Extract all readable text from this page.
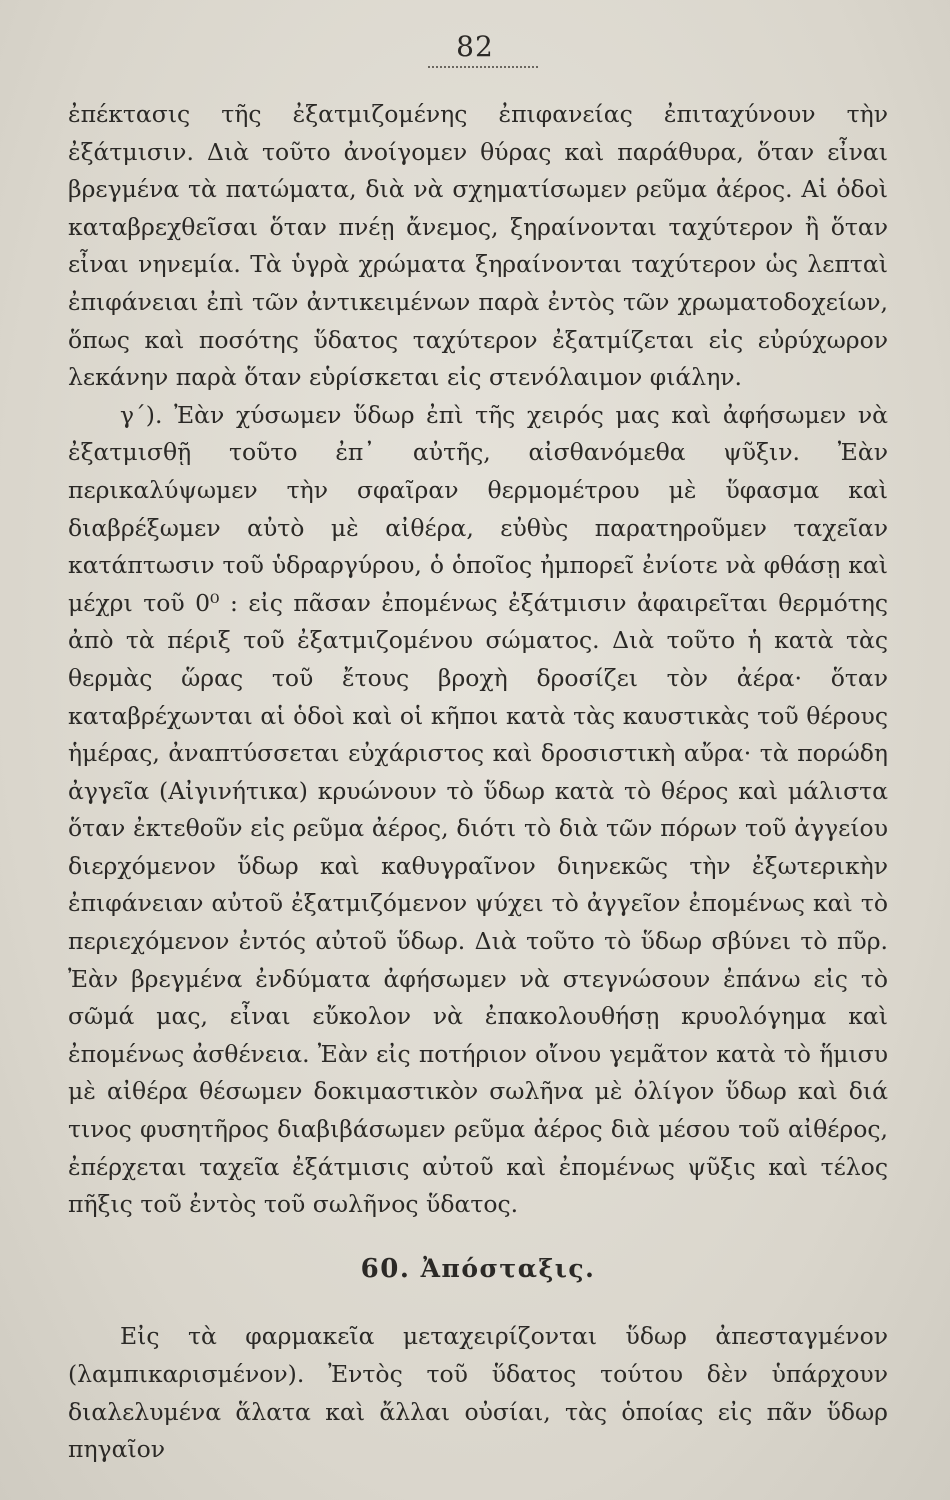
82

ἐπέκτασις τῆς ἐξατμιζομένης ἐπιφανείας ἐπιταχύνουν τὴν ἐξάτμισιν. Διὰ τοῦτο ἀνοίγομεν θύρας καὶ παράθυρα, ὅταν εἶναι βρεγμένα τὰ πατώματα, διὰ νὰ σχηματίσωμεν ρεῦμα ἀέρος. Αἱ ὁδοὶ καταβρεχθεῖσαι ὅταν πνέῃ ἄνεμος, ξηραίνονται ταχύτερον ἢ ὅταν εἶναι νηνεμία. Τὰ ὑγρὰ χρώματα ξηραίνονται ταχύτερον ὡς λεπταὶ ἐπιφάνειαι ἐπὶ τῶν ἀντικειμένων παρὰ ἐντὸς τῶν χρωματοδοχείων, ὅπως καὶ ποσότης ὕδατος ταχύτερον ἐξατμίζεται εἰς εὐρύχωρον λεκάνην παρὰ ὅταν εὑρίσκεται εἰς στενόλαιμον φιάλην.

γ΄). Ἐὰν χύσωμεν ὕδωρ ἐπὶ τῆς χειρός μας καὶ ἀφήσωμεν νὰ ἐξατμισθῇ τοῦτο ἐπ᾽ αὐτῆς, αἰσθανόμεθα ψῦξιν. Ἐὰν περικαλύψωμεν τὴν σφαῖραν θερμομέτρου μὲ ὕφασμα καὶ διαβρέξωμεν αὐτὸ μὲ αἰθέρα, εὐθὺς παρατηροῦμεν ταχεῖαν κατάπτωσιν τοῦ ὑδραργύρου, ὁ ὁποῖος ἠμπορεῖ ἐνίοτε νὰ φθάσῃ καὶ μέχρι τοῦ 0⁰ : εἰς πᾶσαν ἐπομένως ἐξάτμισιν ἀφαιρεῖται θερμότης ἀπὸ τὰ πέριξ τοῦ ἐξατμιζομένου σώματος. Διὰ τοῦτο ἡ κατὰ τὰς θερμὰς ὥρας τοῦ ἔτους βροχὴ δροσίζει τὸν ἀέρα· ὅταν καταβρέχωνται αἱ ὁδοὶ καὶ οἱ κῆποι κατὰ τὰς καυστικὰς τοῦ θέρους ἡμέρας, ἀναπτύσσεται εὐχάριστος καὶ δροσιστικὴ αὔρα· τὰ πορώδη ἀγγεῖα (Αἰγινήτικα) κρυώνουν τὸ ὕδωρ κατὰ τὸ θέρος καὶ μάλιστα ὅταν ἐκτεθοῦν εἰς ρεῦμα ἀέρος, διότι τὸ διὰ τῶν πόρων τοῦ ἀγγείου διερχόμενον ὕδωρ καὶ καθυγραῖνον διηνεκῶς τὴν ἐξωτερικὴν ἐπιφάνειαν αὐτοῦ ἐξατμιζόμενον ψύχει τὸ ἀγγεῖον ἐπομένως καὶ τὸ περιεχόμενον ἐντός αὐτοῦ ὕδωρ. Διὰ τοῦτο τὸ ὕδωρ σβύνει τὸ πῦρ. Ἐὰν βρεγμένα ἐνδύματα ἀφήσωμεν νὰ στεγνώσουν ἐπάνω εἰς τὸ σῶμά μας, εἶναι εὔκολον νὰ ἐπακολουθήσῃ κρυολόγημα καὶ ἐπομένως ἀσθένεια. Ἐὰν εἰς ποτήριον οἴνου γεμᾶτον κατὰ τὸ ἥμισυ μὲ αἰθέρα θέσωμεν δοκιμαστικὸν σωλῆνα μὲ ὀλίγον ὕδωρ καὶ διά τινος φυσητῆρος διαβιβάσωμεν ρεῦμα ἀέρος διὰ μέσου τοῦ αἰθέρος, ἐπέρχεται ταχεῖα ἐξάτμισις αὐτοῦ καὶ ἐπομένως ψῦξις καὶ τέλος πῆξις τοῦ ἐντὸς τοῦ σωλῆνος ὕδατος.

60. Ἀπόσταξις.

Εἰς τὰ φαρμακεῖα μεταχειρίζονται ὕδωρ ἀπεσταγμένον (λαμπικαρισμένον). Ἐντὸς τοῦ ὕδατος τούτου δὲν ὑπάρχουν διαλελυμένα ἅλατα καὶ ἄλλαι οὐσίαι, τὰς ὁποίας εἰς πᾶν ὕδωρ πηγαῖον
